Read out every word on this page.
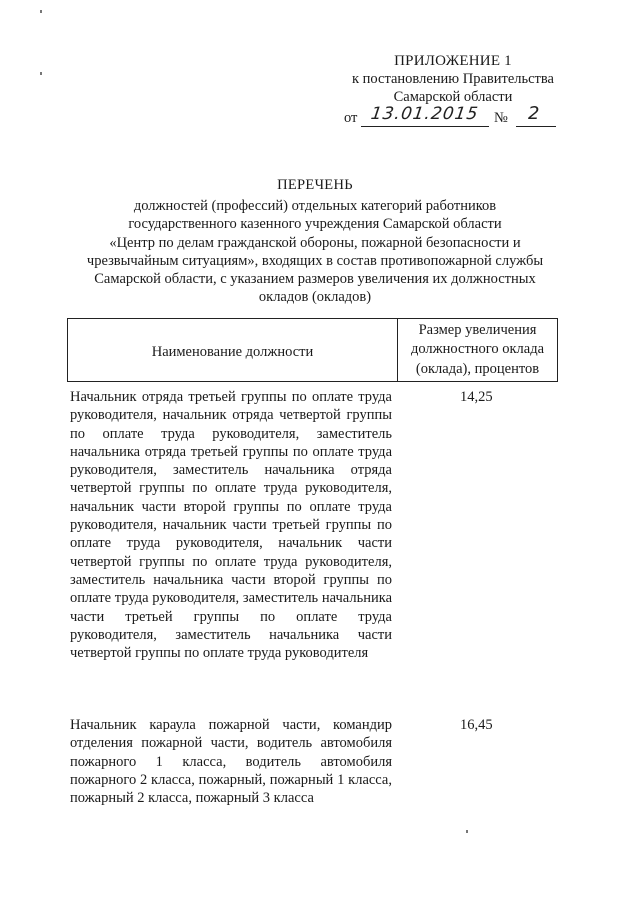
ПРИЛОЖЕНИЕ 1
к постановлению Правительства
Самарской области
от 13.01.2015 № 2
ПЕРЕЧЕНЬ
должностей (профессий) отдельных категорий работников
государственного казенного учреждения Самарской области
«Центр по делам гражданской обороны, пожарной безопасности и
чрезвычайным ситуациям», входящих в состав противопожарной службы
Самарской области, с указанием размеров увеличения их должностных
окладов (окладов)
Наименование должности
Размер увеличения
должностного оклада
(оклада), процентов
Начальник отряда третьей группы по оплате труда руководителя, начальник отряда четвертой группы по оплате труда руководителя, заместитель начальника отряда третьей группы по оплате труда руководителя, заместитель начальника отряда четвертой группы по оплате труда руководителя, начальник части второй группы по оплате труда руководителя, начальник части третьей группы по оплате труда руководителя, начальник части четвертой группы по оплате труда руководителя, заместитель начальника части второй группы по оплате труда руководителя, заместитель начальника части третьей группы по оплате труда руководителя, заместитель начальника части четвертой группы по оплате труда руководителя
14,25
Начальник караула пожарной части, командир отделения пожарной части, водитель автомобиля пожарного 1 класса, водитель автомобиля пожарного 2 класса, пожарный, пожарный 1 класса, пожарный 2 класса, пожарный 3 класса
16,45
